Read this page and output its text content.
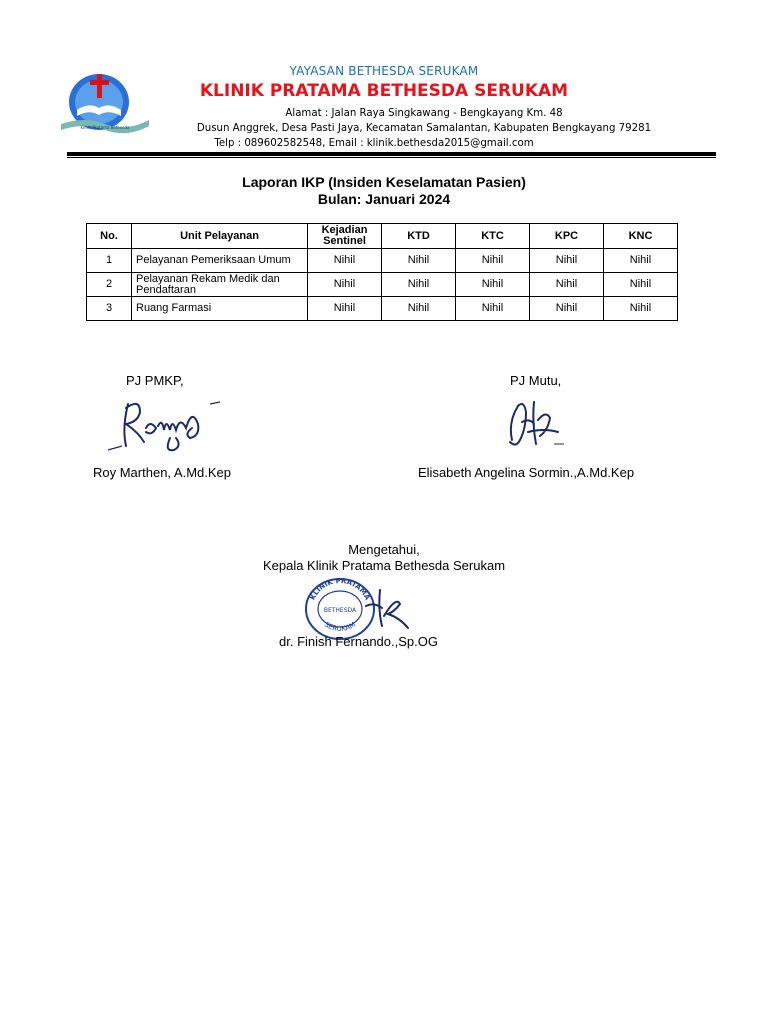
Klinik Pratama Bethesda
YAYASAN BETHESDA SERUKAM
KLINIK PRATAMA BETHESDA SERUKAM
Alamat : Jalan Raya Singkawang - Bengkayang Km. 48
Dusun Anggrek, Desa Pasti Jaya, Kecamatan Samalantan, Kabupaten Bengkayang 79281
Telp : 089602582548, Email : klinik.bethesda2015@gmail.com
Laporan IKP (Insiden Keselamatan Pasien)
Bulan: Januari 2024
No.	Unit Pelayanan	Kejadian Sentinel	KTD	KTC	KPC	KNC
1	Pelayanan Pemeriksaan Umum	Nihil	Nihil	Nihil	Nihil	Nihil
2	Pelayanan Rekam Medik dan Pendaftaran	Nihil	Nihil	Nihil	Nihil	Nihil
3	Ruang Farmasi	Nihil	Nihil	Nihil	Nihil	Nihil
PJ PMKP,	PJ Mutu,
Roy Marthen, A.Md.Kep	Elisabeth Angelina Sormin.,A.Md.Kep
Mengetahui,
Kepala Klinik Pratama Bethesda Serukam
KLINIK PRATAMA
BETHESDA
SERUKAM
dr. Finish Fernando.,Sp.OG
